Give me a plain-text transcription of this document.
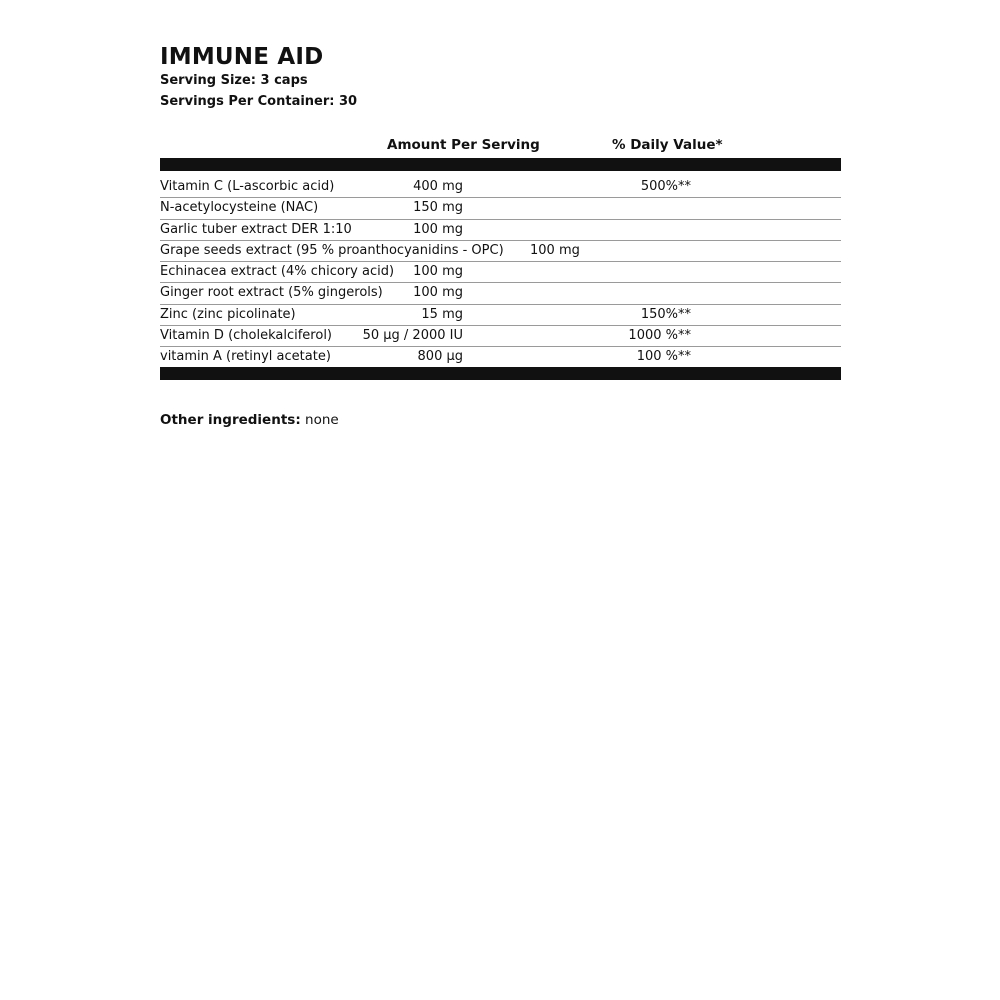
IMMUNE AID
Serving Size: 3 caps
Servings Per Container: 30
Amount Per Serving	% Daily Value*
Vitamin C (L-ascorbic acid)	400 mg	500%**
N-acetylocysteine (NAC)	150 mg
Garlic tuber extract DER 1:10	100 mg
Grape seeds extract (95 % proanthocyanidins - OPC) 100 mg
Echinacea extract (4% chicory acid) 100 mg
Ginger root extract (5% gingerols) 100 mg
Zinc (zinc picolinate)	15 mg	150%**
Vitamin D (cholekalciferol) 50 µg / 2000 IU	1000 %**
vitamin A (retinyl acetate)	800 µg	100 %**
Other ingredients: none
